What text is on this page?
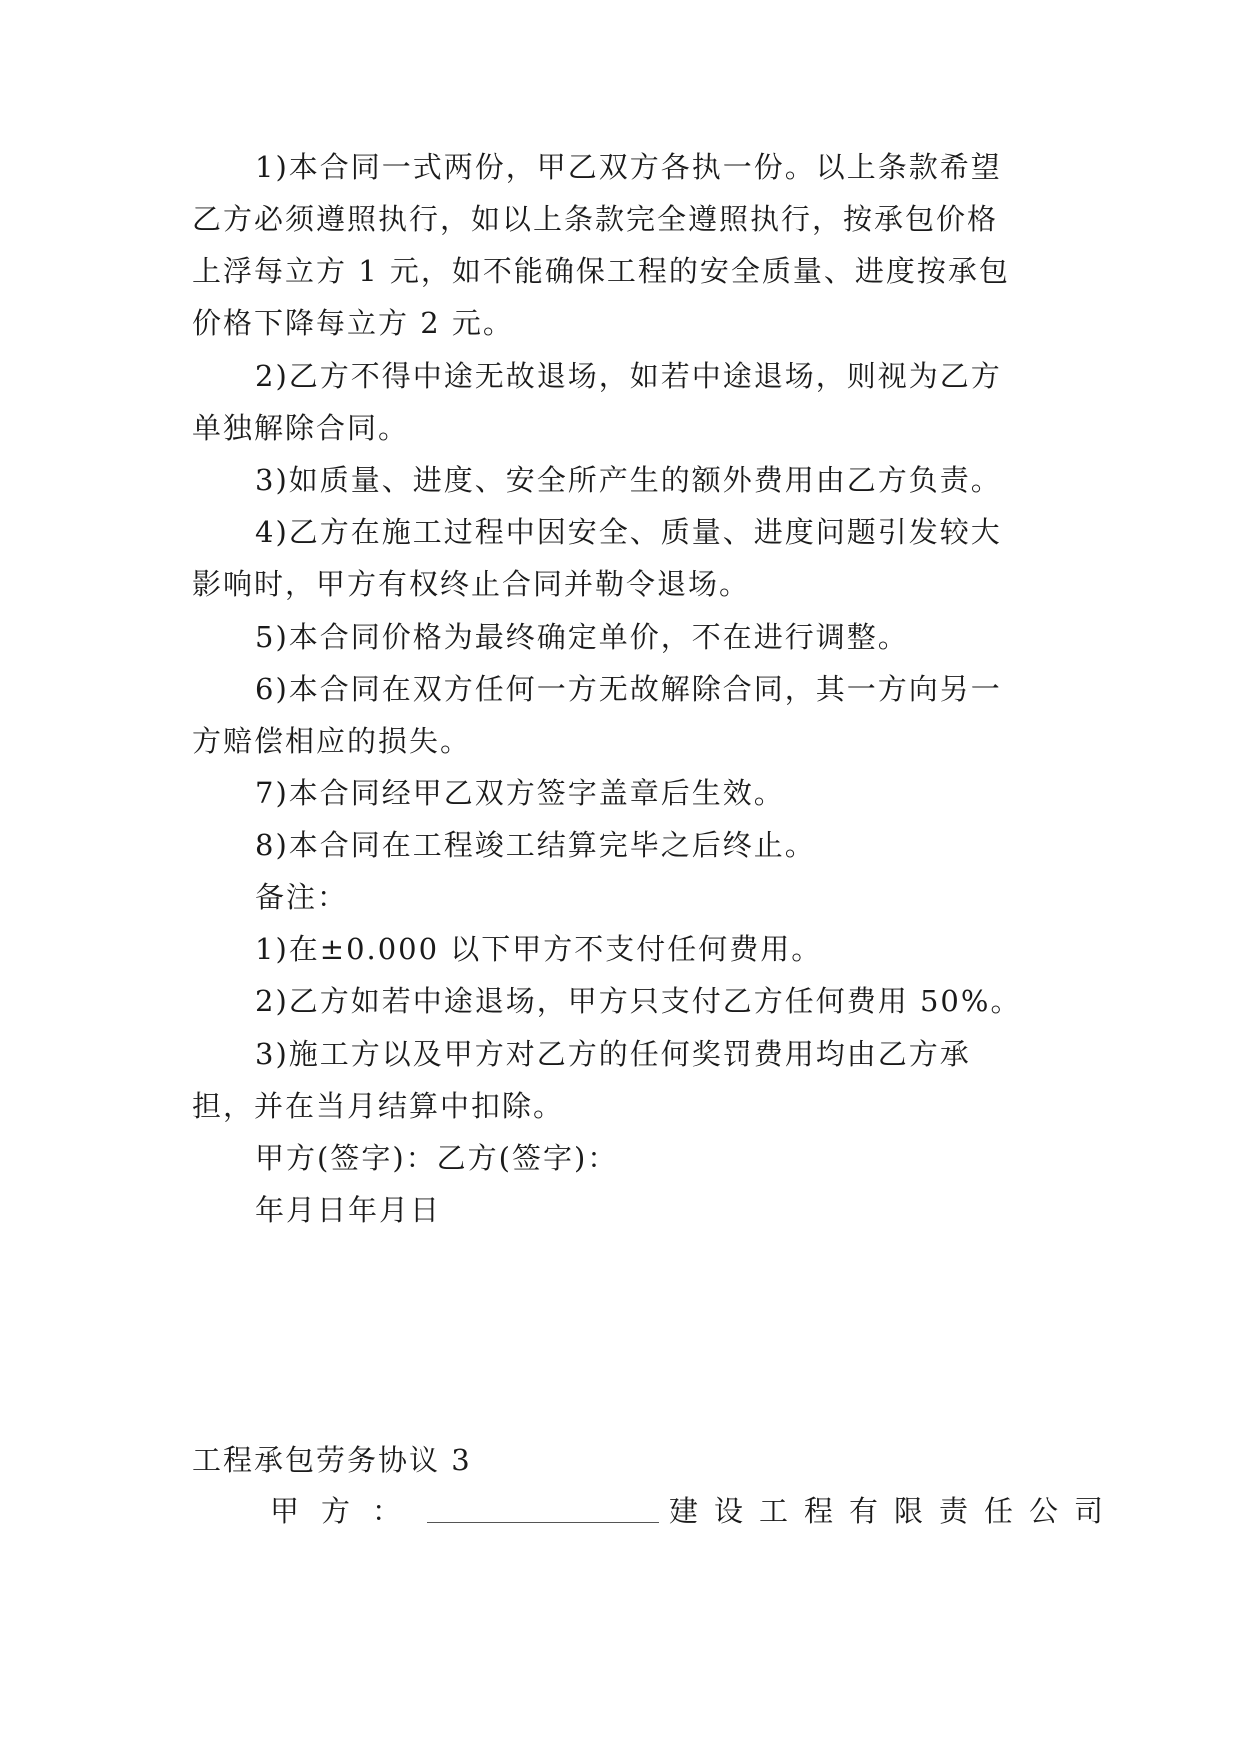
1)本合同一式两份，甲乙双方各执一份。以上条款希望
乙方必须遵照执行，如以上条款完全遵照执行，按承包价格
上浮每立方 1 元，如不能确保工程的安全质量、进度按承包
价格下降每立方 2 元。
2)乙方不得中途无故退场，如若中途退场，则视为乙方
单独解除合同。
3)如质量、进度、安全所产生的额外费用由乙方负责。
4)乙方在施工过程中因安全、质量、进度问题引发较大
影响时，甲方有权终止合同并勒令退场。
5)本合同价格为最终确定单价，不在进行调整。
6)本合同在双方任何一方无故解除合同，其一方向另一
方赔偿相应的损失。
7)本合同经甲乙双方签字盖章后生效。
8)本合同在工程竣工结算完毕之后终止。
备注：
1)在±0.000 以下甲方不支付任何费用。
2)乙方如若中途退场，甲方只支付乙方任何费用 50%。
3)施工方以及甲方对乙方的任何奖罚费用均由乙方承
担，并在当月结算中扣除。
甲方(签字)：乙方(签字)：
年月日年月日
工程承包劳务协议 3
甲方：	建设工程有限责任公司
